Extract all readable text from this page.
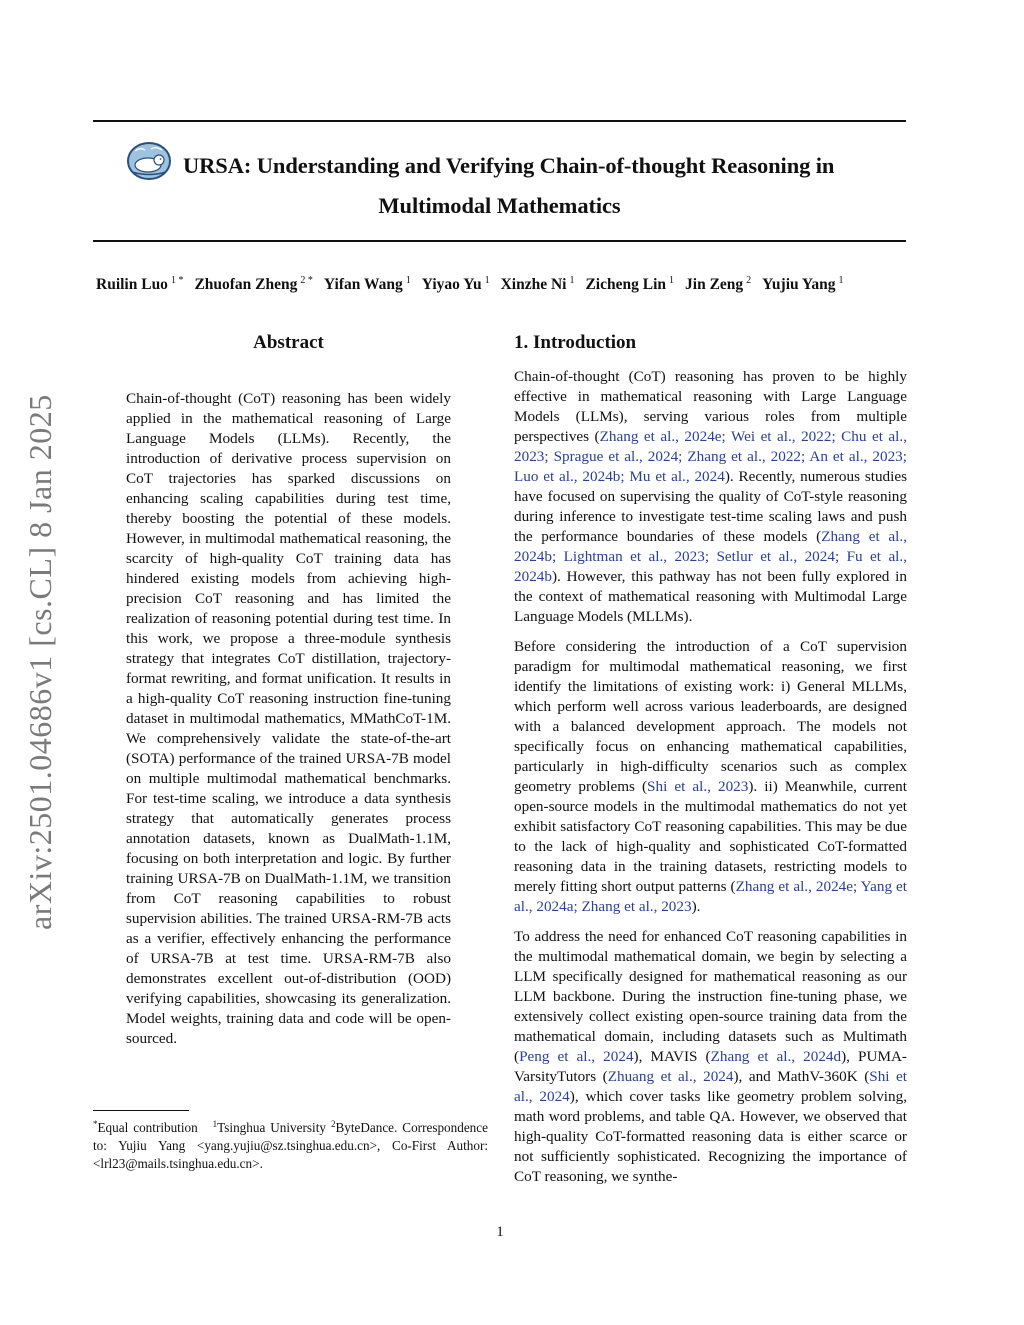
URSA: Understanding and Verifying Chain-of-thought Reasoning in
Multimodal Mathematics
Ruilin Luo $^{1 *}$ Zhuofan Zheng $^{2 *}$ Yifan Wang $^1$ Yiyao Yu $^1$ Xinzhe Ni $^1$ Zicheng Lin $^1$ Jin Zeng $^2$ Yujiu Yang $^1$
arXiv:2501.04686v1 [cs.CL] 8 Jan 2025
Abstract
Chain-of-thought (CoT) reasoning has been widely applied in the mathematical reasoning of Large Language Models (LLMs). Recently, the introduction of derivative process supervision on CoT trajectories has sparked discussions on enhancing scaling capabilities during test time, thereby boosting the potential of these models. However, in multimodal mathematical reasoning, the scarcity of high-quality CoT training data has hindered existing models from achieving high-precision CoT reasoning and has limited the realization of reasoning potential during test time. In this work, we propose a three-module synthesis strategy that integrates CoT distillation, trajectory-format rewriting, and format unification. It results in a high-quality CoT reasoning instruction fine-tuning dataset in multimodal mathematics, MMathCoT-1M. We comprehensively validate the state-of-the-art (SOTA) performance of the trained URSA-7B model on multiple multimodal mathematical benchmarks. For test-time scaling, we introduce a data synthesis strategy that automatically generates process annotation datasets, known as DualMath-1.1M, focusing on both interpretation and logic. By further training URSA-7B on DualMath-1.1M, we transition from CoT reasoning capabilities to robust supervision abilities. The trained URSA-RM-7B acts as a verifier, effectively enhancing the performance of URSA-7B at test time. URSA-RM-7B also demonstrates excellent out-of-distribution (OOD) verifying capabilities, showcasing its generalization. Model weights, training data and code will be open-sourced.
1. Introduction

Chain-of-thought (CoT) reasoning has proven to be highly effective in mathematical reasoning with Large Language Models (LLMs), serving various roles from multiple perspectives (Zhang et al., 2024e; Wei et al., 2022; Chu et al., 2023; Sprague et al., 2024; Zhang et al., 2022; An et al., 2023; Luo et al., 2024b; Mu et al., 2024). Recently, numerous studies have focused on supervising the quality of CoT-style reasoning during inference to investigate test-time scaling laws and push the performance boundaries of these models (Zhang et al., 2024b; Lightman et al., 2023; Setlur et al., 2024; Fu et al., 2024b). However, this pathway has not been fully explored in the context of mathematical reasoning with Multimodal Large Language Models (MLLMs).

Before considering the introduction of a CoT supervision paradigm for multimodal mathematical reasoning, we first identify the limitations of existing work: i) General MLLMs, which perform well across various leaderboards, are designed with a balanced development approach. The models not specifically focus on enhancing mathematical capabilities, particularly in high-difficulty scenarios such as complex geometry problems (Shi et al., 2023). ii) Meanwhile, current open-source models in the multimodal mathematics do not yet exhibit satisfactory CoT reasoning capabilities. This may be due to the lack of high-quality and sophisticated CoT-formatted reasoning data in the training datasets, restricting models to merely fitting short output patterns (Zhang et al., 2024e; Yang et al., 2024a; Zhang et al., 2023).

To address the need for enhanced CoT reasoning capabilities in the multimodal mathematical domain, we begin by selecting a LLM specifically designed for mathematical reasoning as our LLM backbone. During the instruction fine-tuning phase, we extensively collect existing open-source training data from the mathematical domain, including datasets such as Multimath (Peng et al., 2024), MAVIS (Zhang et al., 2024d), PUMA-VarsityTutors (Zhuang et al., 2024), and MathV-360K (Shi et al., 2024), which cover tasks like geometry problem solving, math word problems, and table QA. However, we observed that high-quality CoT-formatted reasoning data is either scarce or not sufficiently sophisticated. Recognizing the importance of CoT reasoning, we synthe-

*Equal contribution $^1$Tsinghua University $^2$ByteDance. Correspondence to: Yujiu Yang <yang.yujiu@sz.tsinghua.edu.cn>, Co-First Author: <lrl23@mails.tsinghua.edu.cn>.
1
